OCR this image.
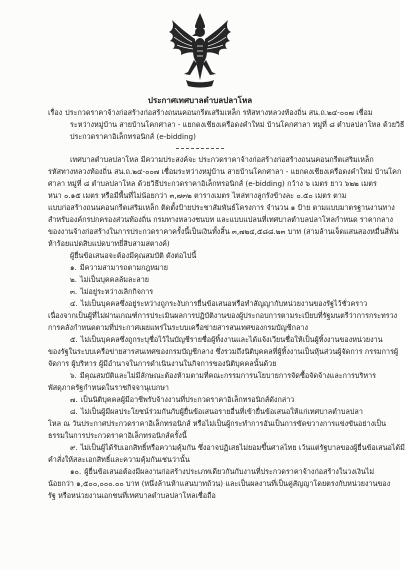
ประกาศเทศบาลตำบลปลาโหล
เรื่อง ประกวดราคาจ้างก่อสร้างก่อสร้างถนนคอนกรีตเสริมเหล็ก รหัสทางหลวงท้องถิ่น สน.ถ.๒๔-๐๐๗ เชื่อม
ระหว่างหมู่บ้าน สายบ้านโคกศาลา - แยกดงเชียงเครือดงคำใหม่ บ้านโคกศาลา หมู่ที่ ๘ ตำบลปลาโหล ด้วยวิธี
ประกวดราคาอิเล็กทรอนิกส์ (e-bidding)
เทศบาลตำบลปลาโหล มีความประสงค์จะ ประกวดราคาจ้างก่อสร้างก่อสร้างถนนคอนกรีตเสริมเหล็ก
รหัสทางหลวงท้องถิ่น สน.ถ.๒๔-๐๐๗ เชื่อมระหว่างหมู่บ้าน สายบ้านโคกศาลา - แยกดงเชียงเครือดงคำใหม่ บ้านโคก
ศาลา หมู่ที่ ๘ ตำบลปลาโหล ด้วยวิธีประกวดราคาอิเล็กทรอนิกส์ (e-bidding) กว้าง ๖ เมตร ยาว ๖๒๒ เมตร
หนา ๐.๑๕ เมตร หรือมีพื้นที่ไม่น้อยกว่า ๓,๗๓๒ ตารางเมตร ไหล่ทางลูกรังข้างละ ๐.๕๐ เมตร ตาม
แบบก่อสร้างถนนคอนกรีตเสริมเหล็ก ติดตั้งป้ายประชาสัมพันธ์โครงการ จำนวน ๑ ป้าย ตามแบบมาตรฐานงานทาง
สำหรับองค์กรปกครองส่วนท้องถิ่น กรมทางหลวงชนบท และแบบแปลนที่เทศบาลตำบลปลาโหลกำหนด ราคากลาง
ของงานจ้างก่อสร้างในการประกวดราคาครั้งนี้เป็นเงินทั้งสิ้น ๓,๗๒๔,๕๘๘.๒๓ บาท (สามล้านเจ็ดแสนสองหมื่นสี่พัน
ห้าร้อยแปดสิบแปดบาทยี่สิบสามสตางค์)
ผู้ยื่นข้อเสนอจะต้องมีคุณสมบัติ ดังต่อไปนี้
๑. มีความสามารถตามกฎหมาย
๒. ไม่เป็นบุคคลล้มละลาย
๓. ไม่อยู่ระหว่างเลิกกิจการ
๔. ไม่เป็นบุคคลซึ่งอยู่ระหว่างถูกระงับการยื่นข้อเสนอหรือทำสัญญากับหน่วยงานของรัฐไว้ชั่วคราว
เนื่องจากเป็นผู้ที่ไม่ผ่านเกณฑ์การประเมินผลการปฏิบัติงานของผู้ประกอบการตามระเบียบที่รัฐมนตรีว่าการกระทรวง
การคลังกำหนดตามที่ประกาศเผยแพร่ในระบบเครือข่ายสารสนเทศของกรมบัญชีกลาง
๕. ไม่เป็นบุคคลซึ่งถูกระบุชื่อไว้ในบัญชีรายชื่อผู้ทิ้งงานและได้แจ้งเวียนชื่อให้เป็นผู้ทิ้งงานของหน่วยงาน
ของรัฐในระบบเครือข่ายสารสนเทศของกรมบัญชีกลาง ซึ่งรวมถึงนิติบุคคลที่ผู้ทิ้งงานเป็นหุ้นส่วนผู้จัดการ กรรมการผู้
จัดการ ผู้บริหาร ผู้มีอำนาจในการดำเนินงานในกิจการของนิติบุคคลนั้นด้วย
๖. มีคุณสมบัติและไม่มีลักษณะต้องห้ามตามที่คณะกรรมการนโยบายการจัดซื้อจัดจ้างและการบริหาร
พัสดุภาครัฐกำหนดในราชกิจจานุเบกษา
๗. เป็นนิติบุคคลผู้มีอาชีพรับจ้างงานที่ประกวดราคาอิเล็กทรอนิกส์ดังกล่าว
๘. ไม่เป็นผู้มีผลประโยชน์ร่วมกันกับผู้ยื่นข้อเสนอรายอื่นที่เข้ายื่นข้อเสนอให้แก่เทศบาลตำบลปลา
โหล ณ วันประกาศประกวดราคาอิเล็กทรอนิกส์ หรือไม่เป็นผู้กระทำการอันเป็นการขัดขวางการแข่งขันอย่างเป็น
ธรรมในการประกวดราคาอิเล็กทรอนิกส์ครั้งนี้
๙. ไม่เป็นผู้ได้รับเอกสิทธิ์หรือความคุ้มกัน ซึ่งอาจปฏิเสธไม่ยอมขึ้นศาลไทย เว้นแต่รัฐบาลของผู้ยื่นข้อเสนอได้มี
คำสั่งให้สละเอกสิทธิ์และความคุ้มกันเช่นว่านั้น
๑๐. ผู้ยื่นข้อเสนอต้องมีผลงานก่อสร้างประเภทเดียวกันกับงานที่ประกวดราคาจ้างก่อสร้างในวงเงินไม่
น้อยกว่า ๑,๕๐๐,๐๐๐.๐๐ บาท (หนึ่งล้านห้าแสนบาทถ้วน) และเป็นผลงานที่เป็นคู่สัญญาโดยตรงกับหน่วยงานของ
รัฐ หรือหน่วยงานเอกชนที่เทศบาลตำบลปลาโหลเชื่อถือ
